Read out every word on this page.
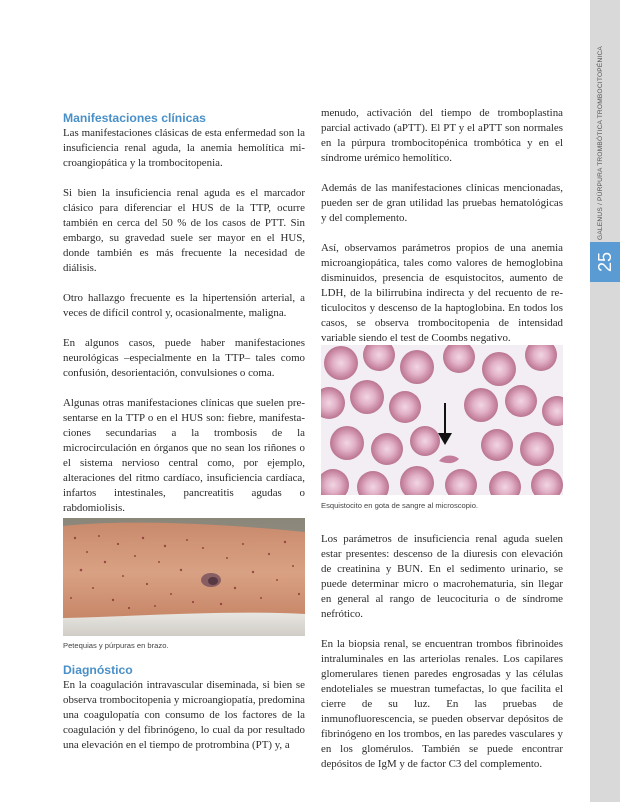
GALENUS / PÚRPURA TROMBÓTICA TROMBOCITOPÉNICA
25
Manifestaciones clínicas

Las manifestaciones clásicas de esta enfermedad son la insuficiencia renal aguda, la anemia hemolítica microangiopática y la trombocitopenia.

Si bien la insuficiencia renal aguda es el marcador clásico para diferenciar el HUS de la TTP, ocurre también en cerca del 50 % de los casos de PTT. Sin embargo, su gravedad suele ser mayor en el HUS, donde también es más frecuente la necesidad de diálisis.

Otro hallazgo frecuente es la hipertensión arterial, a veces de difícil control y, ocasionalmente, maligna.

En algunos casos, puede haber manifestaciones neurológicas –especialmente en la TTP– tales como confusión, desorientación, convulsiones o coma.

Algunas otras manifestaciones clínicas que suelen presentarse en la TTP o en el HUS son: fiebre, manifestaciones secundarias a la trombosis de la microcirculación en órganos que no sean los riñones o el sistema nervioso central como, por ejemplo, alteraciones del ritmo cardíaco, insuficiencia cardíaca, infartos intestinales, pancreatitis agudas o rabdomiolisis.

Petequias y púrpuras en brazo.
Diagnóstico

En la coagulación intravascular diseminada, si bien se observa trombocitopenia y microangiopatía, predomina una coagulopatía con consumo de los factores de la coagulación y del fibrinógeno, lo cual da por resultado una elevación en el tiempo de protrombina (PT) y, a

menudo, activación del tiempo de tromboplastina parcial activado (aPTT). El PT y el aPTT son normales en la púrpura trombocitopénica trombótica y en el síndrome urémico hemolítico.

Además de las manifestaciones clínicas mencionadas, pueden ser de gran utilidad las pruebas hematológicas y del complemento.

Así, observamos parámetros propios de una anemia microangiopática, tales como valores de hemoglobina disminuidos, presencia de esquistocitos, aumento de LDH, de la bilirrubina indirecta y del recuento de reticulocitos y descenso de la haptoglobina. En todos los casos, se observa trombocitopenia de intensidad variable siendo el test de Coombs negativo.

Esquistocito en gota de sangre al microscopio.

Los parámetros de insuficiencia renal aguda suelen estar presentes: descenso de la diuresis con elevación de creatinina y BUN. En el sedimento urinario, se puede determinar micro o macrohematuria, sin llegar en general al rango de leucocituria o de síndrome nefrótico.

En la biopsia renal, se encuentran trombos fibrinoides intraluminales en las arteriolas renales. Los capilares glomerulares tienen paredes engrosadas y las células endoteliales se muestran tumefactas, lo que facilita el cierre de su luz. En las pruebas de inmunofluorescencia, se pueden observar depósitos de fibrinógeno en los trombos, en las paredes vasculares y en los glomérulos. También se puede encontrar depósitos de IgM y de factor C3 del complemento.
